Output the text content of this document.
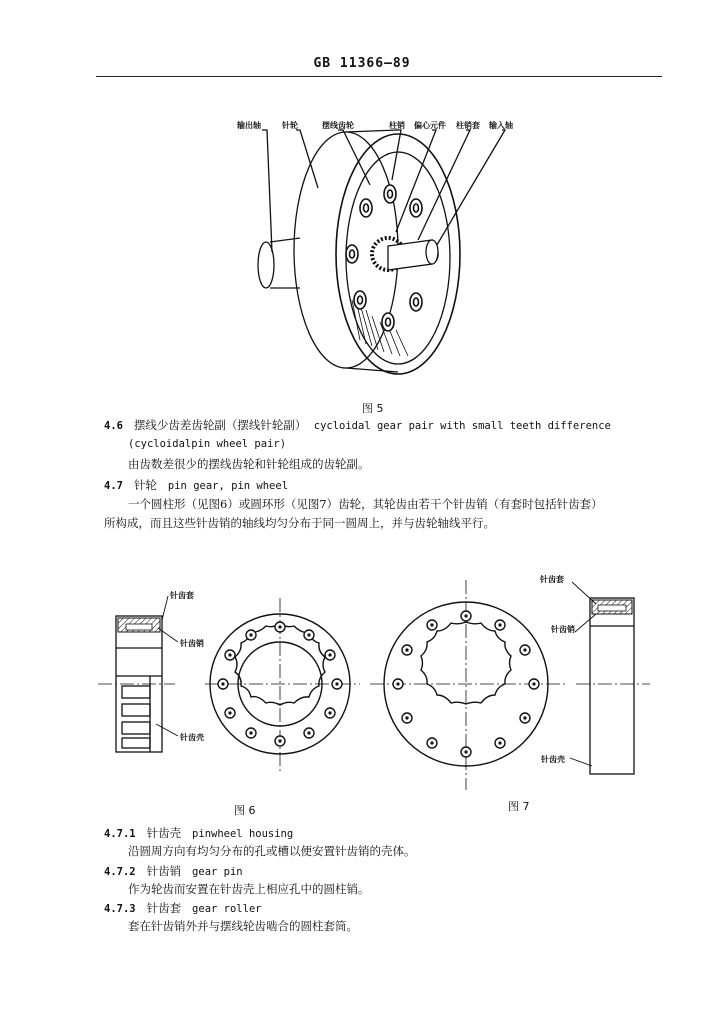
GB 11366—89
输出轴	针轮	摆线齿轮	柱销 偏心元件 柱销套 输入轴
图 5
4.6 摆线少齿差齿轮副（摆线针轮副） cycloidal gear pair with small teeth difference
(cycloidalpin wheel pair)
由齿数差很少的摆线齿轮和针轮组成的齿轮副。
4.7 针轮 pin gear, pin wheel
一个圆柱形（见图6）或圆环形（见图7）齿轮，其轮齿由若干个针齿销（有套时包括针齿套）
所构成，而且这些针齿销的轴线均匀分布于同一圆周上，并与齿轮轴线平行。
针齿套
针齿销
针齿壳
针齿套
针齿销
针齿壳
图 6	图 7
4.7.1 针齿壳 pinwheel housing
沿圆周方向有均匀分布的孔或槽以便安置针齿销的壳体。
4.7.2 针齿销 gear pin
作为轮齿而安置在针齿壳上相应孔中的圆柱销。
4.7.3 针齿套 gear roller
套在针齿销外并与摆线轮齿啮合的圆柱套筒。
